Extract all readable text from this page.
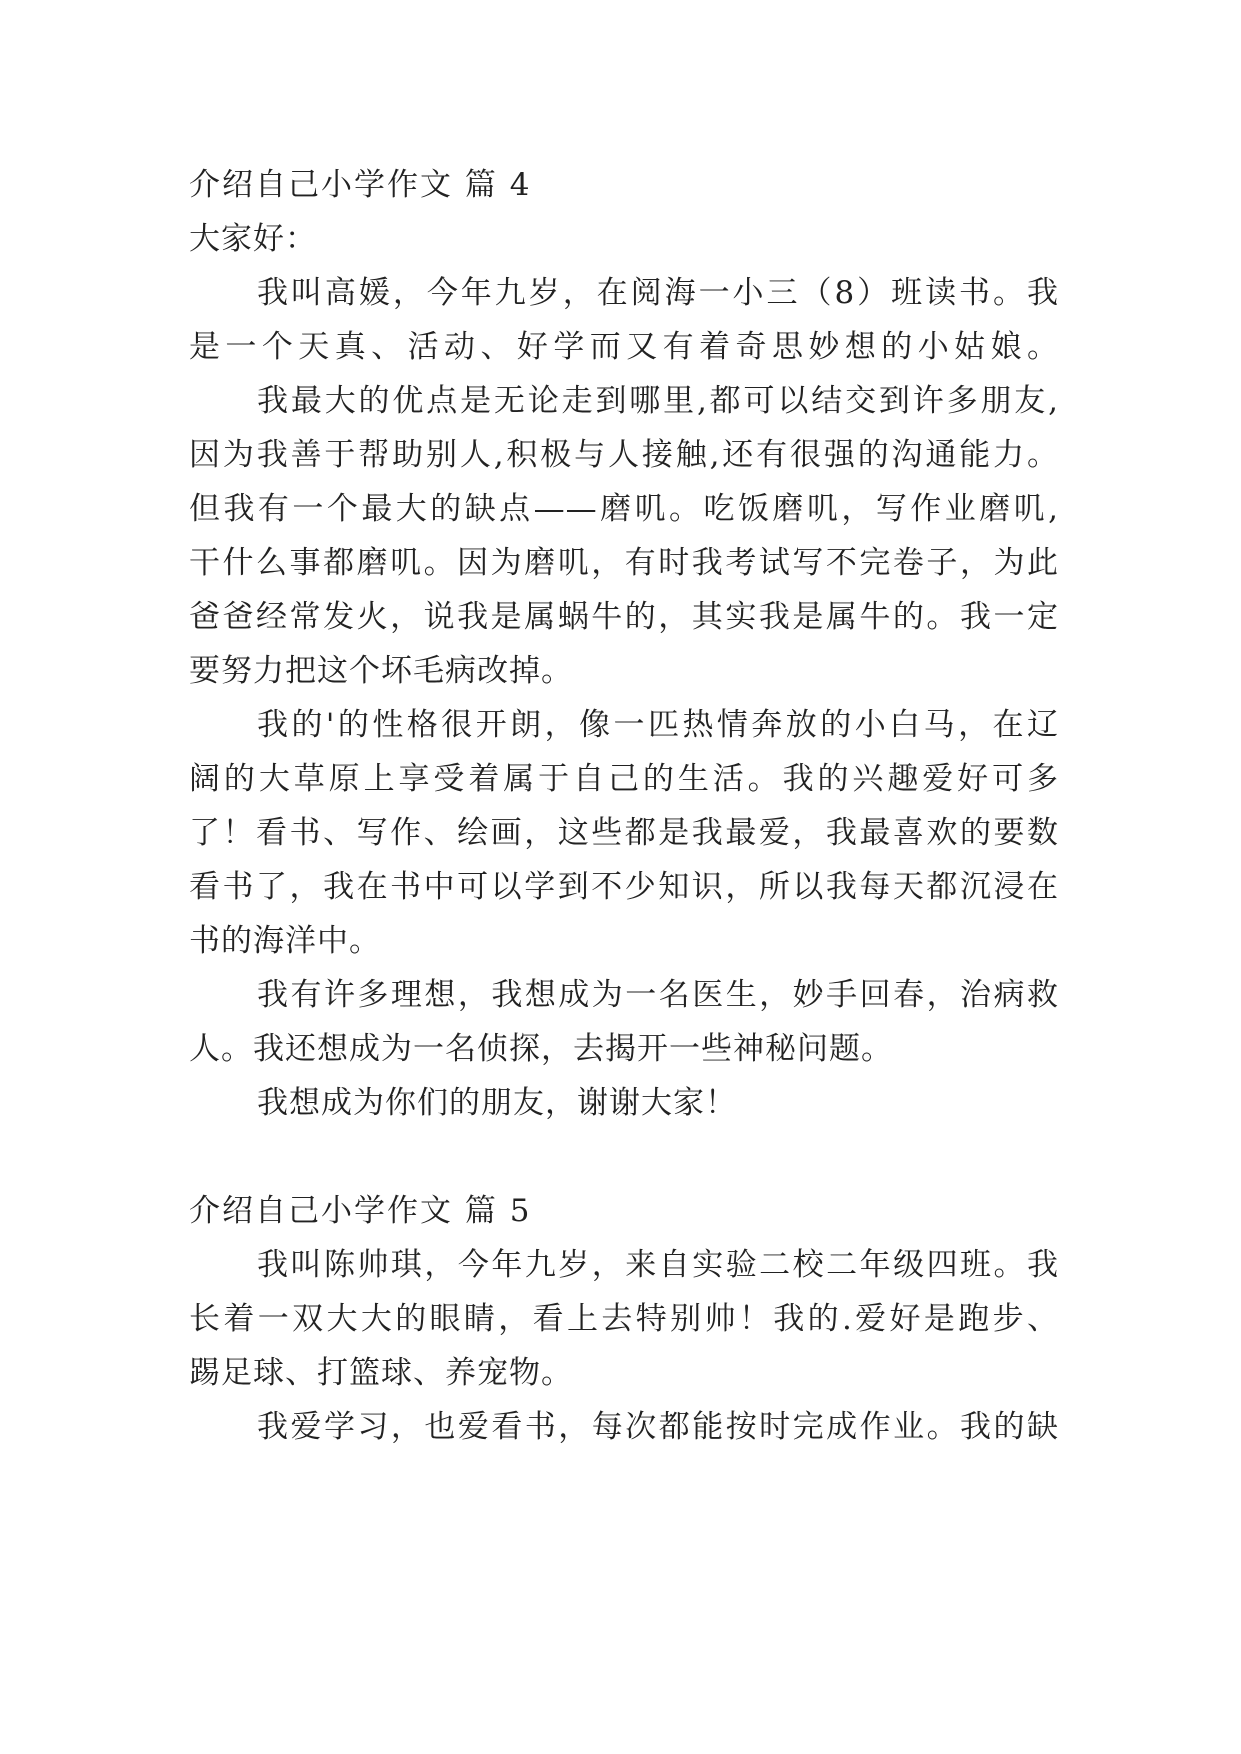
介绍自己小学作文 篇 4
大家好：
我叫高媛，今年九岁，在阅海一小三（8）班读书。我
是一个天真、活动、好学而又有着奇思妙想的小姑娘。
我最大的优点是无论走到哪里,都可以结交到许多朋友,
因为我善于帮助别人,积极与人接触,还有很强的沟通能力。
但我有一个最大的缺点——磨叽。吃饭磨叽，写作业磨叽,
干什么事都磨叽。因为磨叽，有时我考试写不完卷子，为此
爸爸经常发火，说我是属蜗牛的，其实我是属牛的。我一定
要努力把这个坏毛病改掉。
我的'的性格很开朗，像一匹热情奔放的小白马，在辽
阔的大草原上享受着属于自己的生活。我的兴趣爱好可多
了！看书、写作、绘画，这些都是我最爱，我最喜欢的要数
看书了，我在书中可以学到不少知识，所以我每天都沉浸在
书的海洋中。
我有许多理想，我想成为一名医生，妙手回春，治病救
人。我还想成为一名侦探，去揭开一些神秘问题。
我想成为你们的朋友，谢谢大家！
介绍自己小学作文 篇 5
我叫陈帅琪，今年九岁，来自实验二校二年级四班。我
长着一双大大的眼睛，看上去特别帅！我的.爱好是跑步、
踢足球、打篮球、养宠物。
我爱学习，也爱看书，每次都能按时完成作业。我的缺
